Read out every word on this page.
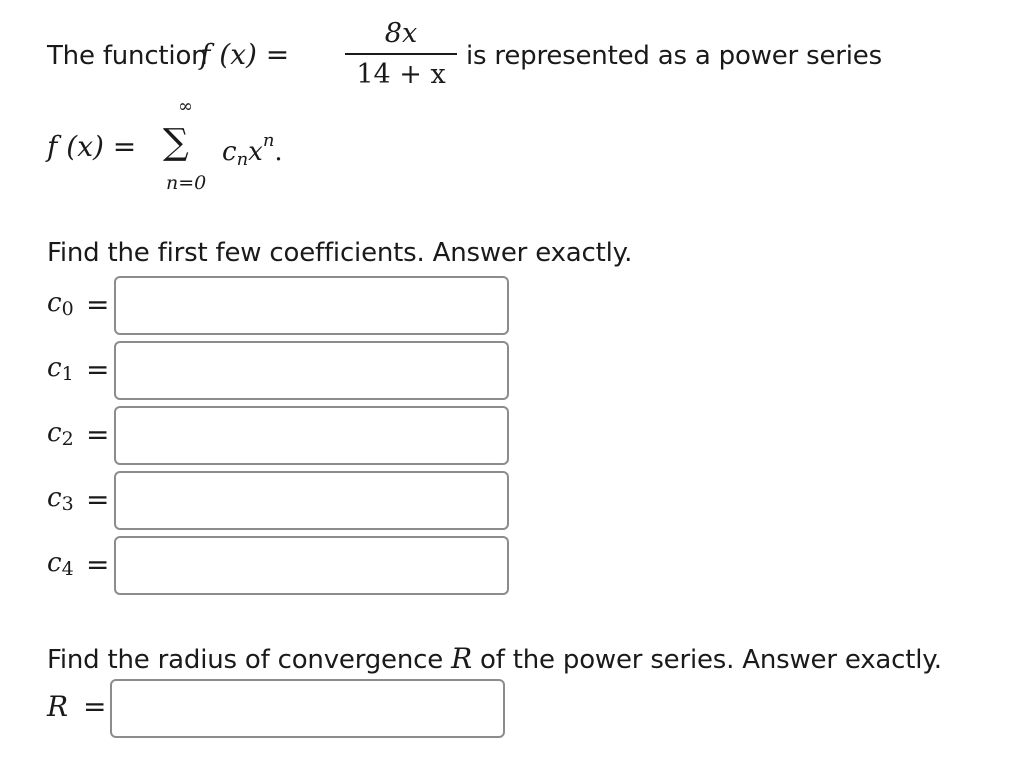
The function
f (x) =
8x
14 + x
is represented as a power series
f (x) =
∞
∑
n=0
cnx$^n$.
Find the first few coefficients. Answer exactly.
$c_0$ =
$c_1$ =
$c_2$ =
$c_3$ =
$c_4$ =
Find the radius of convergence R of the power series. Answer exactly.
R =
